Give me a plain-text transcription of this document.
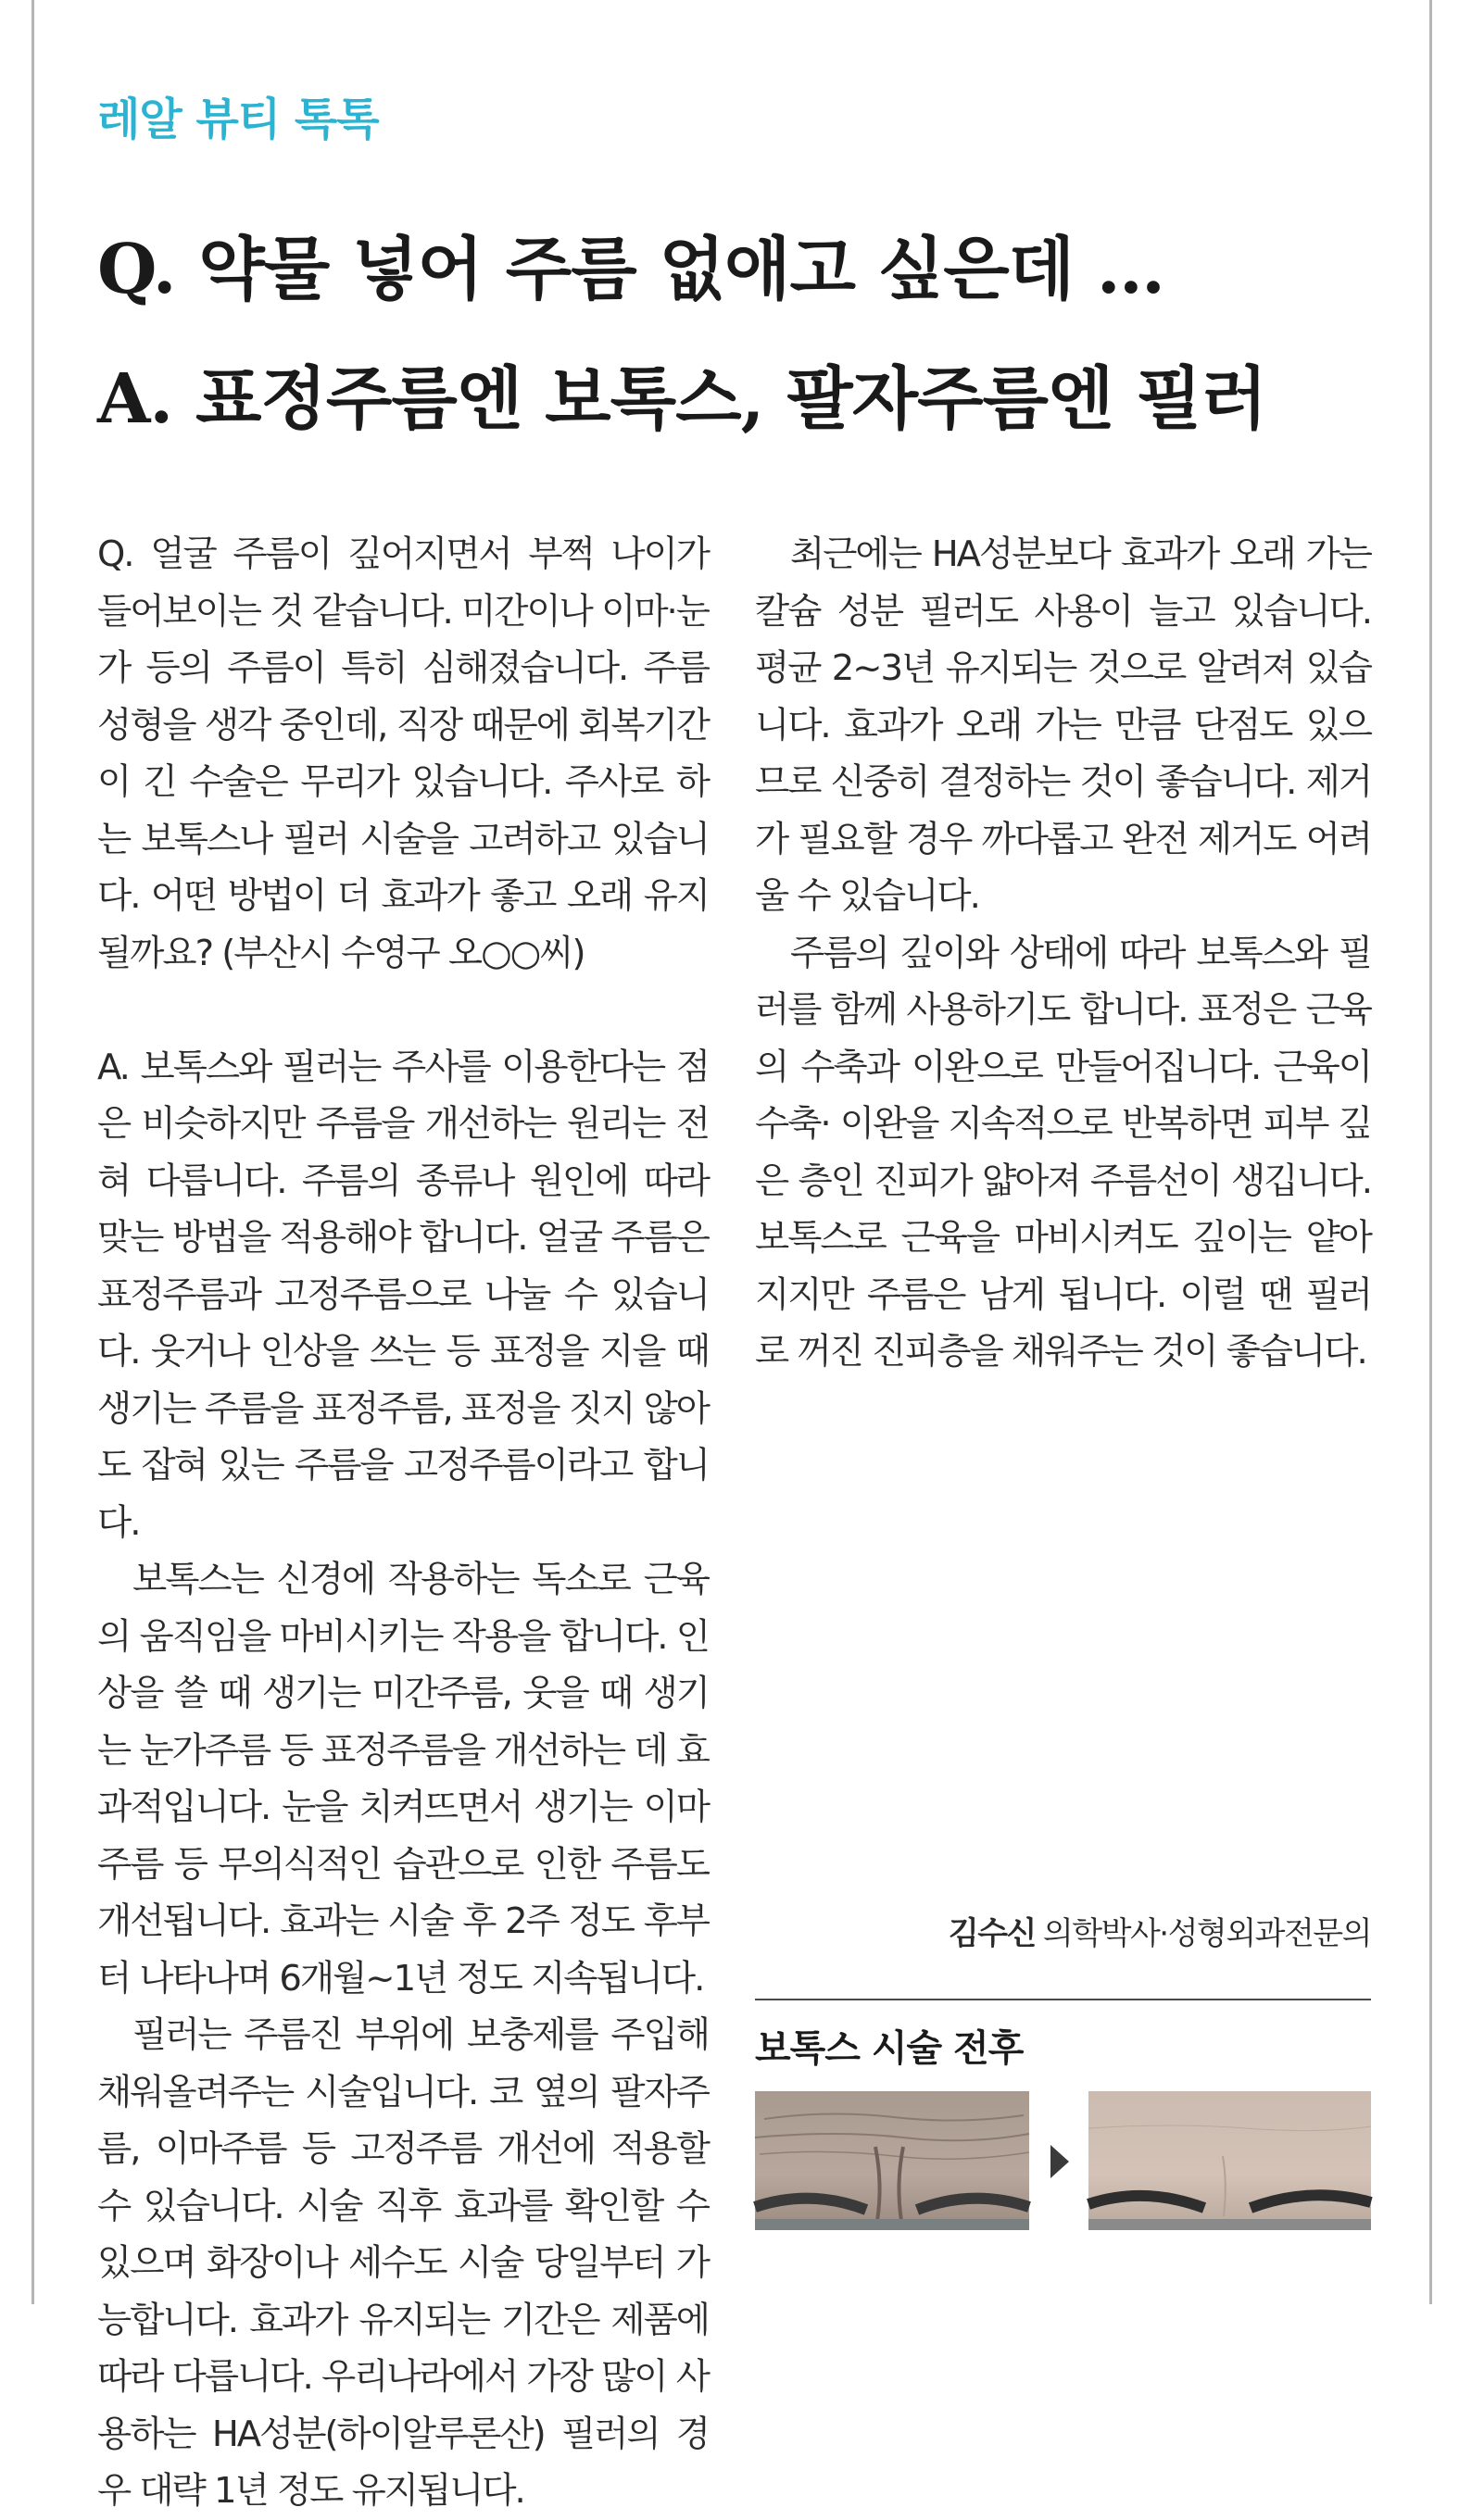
레알 뷰티 톡톡
Q. 약물 넣어 주름 없애고 싶은데 …
A. 표정주름엔 보톡스, 팔자주름엔 필러

Q. 얼굴 주름이 깊어지면서 부쩍 나이가 들어보이는 것 같습니다. 미간이나 이마·눈가 등의 주름이 특히 심해졌습니다. 주름 성형을 생각 중인데, 직장 때문에 회복기간이 긴 수술은 무리가 있습니다. 주사로 하는 보톡스나 필러 시술을 고려하고 있습니다. 어떤 방법이 더 효과가 좋고 오래 유지될까요? (부산시 수영구 오○○씨)

A. 보톡스와 필러는 주사를 이용한다는 점은 비슷하지만 주름을 개선하는 원리는 전혀 다릅니다. 주름의 종류나 원인에 따라 맞는 방법을 적용해야 합니다. 얼굴 주름은 표정주름과 고정주름으로 나눌 수 있습니다. 웃거나 인상을 쓰는 등 표정을 지을 때 생기는 주름을 표정주름, 표정을 짓지 않아도 잡혀 있는 주름을 고정주름이라고 합니다.

보톡스는 신경에 작용하는 독소로 근육의 움직임을 마비시키는 작용을 합니다. 인상을 쓸 때 생기는 미간주름, 웃을 때 생기는 눈가주름 등 표정주름을 개선하는 데 효과적입니다. 눈을 치켜뜨면서 생기는 이마주름 등 무의식적인 습관으로 인한 주름도 개선됩니다. 효과는 시술 후 2주 정도 후부터 나타나며 6개월~1년 정도 지속됩니다.

필러는 주름진 부위에 보충제를 주입해 채워올려주는 시술입니다. 코 옆의 팔자주름, 이마주름 등 고정주름 개선에 적용할 수 있습니다. 시술 직후 효과를 확인할 수 있으며 화장이나 세수도 시술 당일부터 가능합니다. 효과가 유지되는 기간은 제품에 따라 다릅니다. 우리나라에서 가장 많이 사용하는 HA성분(하이알루론산) 필러의 경우 대략 1년 정도 유지됩니다.

최근에는 HA성분보다 효과가 오래 가는 칼슘 성분 필러도 사용이 늘고 있습니다. 평균 2~3년 유지되는 것으로 알려져 있습니다. 효과가 오래 가는 만큼 단점도 있으므로 신중히 결정하는 것이 좋습니다. 제거가 필요할 경우 까다롭고 완전 제거도 어려울 수 있습니다.

주름의 깊이와 상태에 따라 보톡스와 필러를 함께 사용하기도 합니다. 표정은 근육의 수축과 이완으로 만들어집니다. 근육이 수축· 이완을 지속적으로 반복하면 피부 깊은 층인 진피가 얇아져 주름선이 생깁니다. 보톡스로 근육을 마비시켜도 깊이는 얕아지지만 주름은 남게 됩니다. 이럴 땐 필러로 꺼진 진피층을 채워주는 것이 좋습니다.

김수신 의학박사·성형외과전문의
보톡스 시술 전후
